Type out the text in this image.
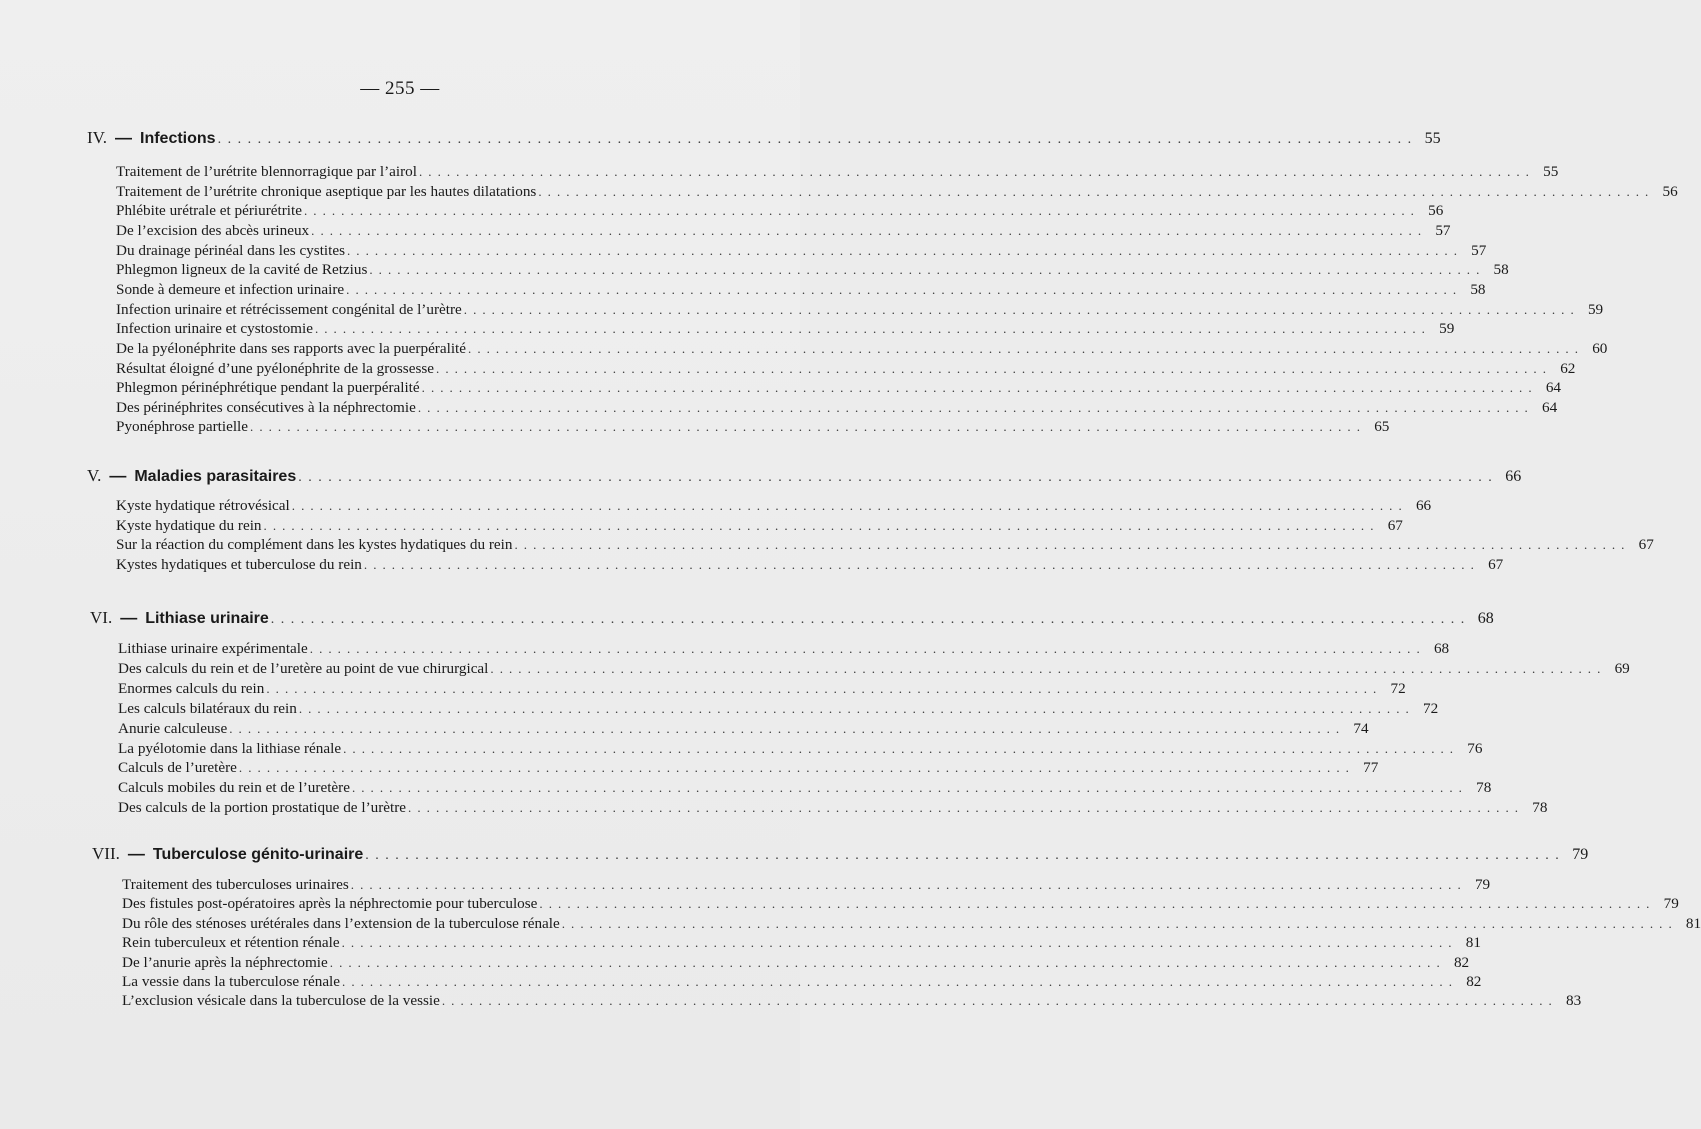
— 255 —
IV. — Infections . . . . . . . . . . . . . . . . . . . . . . . . . . . . . . . . . . . . . . . . . . . . . . . . . . . . . . . . . . . . . . . . . . . . . . . . . . . . . . . . . . . . . . . . . . . . . . . . . . . . . . . . . . . . . . . . . . . . . . . . 55
Traitement de l’urétrite blennorragique par l’airol . . . . . . . . . . . . . . . . . . . . . . . . . . . . . . . . . . . . . . . . . . . . . . . . . . . . . . . . . . . . . . . . . . . . . . . . . . . . . . . . . . . . . . . . . . . . . . . . . . . . . . . . . . . . . . . . . . . . . . . . 55
Traitement de l’urétrite chronique aseptique par les hautes dilatations . . . . . . . . . . . . . . . . . . . . . . . . . . . . . . . . . . . . . . . . . . . . . . . . . . . . . . . . . . . . . . . . . . . . . . . . . . . . . . . . . . . . . . . . . . . . . . . . . . . . . . . . . . . . . . . . . . . . . . . . 56
Phlébite urétrale et périurétrite . . . . . . . . . . . . . . . . . . . . . . . . . . . . . . . . . . . . . . . . . . . . . . . . . . . . . . . . . . . . . . . . . . . . . . . . . . . . . . . . . . . . . . . . . . . . . . . . . . . . . . . . . . . . . . . . . . . . . . . . 56
De l’excision des abcès urineux . . . . . . . . . . . . . . . . . . . . . . . . . . . . . . . . . . . . . . . . . . . . . . . . . . . . . . . . . . . . . . . . . . . . . . . . . . . . . . . . . . . . . . . . . . . . . . . . . . . . . . . . . . . . . . . . . . . . . . . . 57
Du drainage périnéal dans les cystites . . . . . . . . . . . . . . . . . . . . . . . . . . . . . . . . . . . . . . . . . . . . . . . . . . . . . . . . . . . . . . . . . . . . . . . . . . . . . . . . . . . . . . . . . . . . . . . . . . . . . . . . . . . . . . . . . . . . . . . . 57
Phlegmon ligneux de la cavité de Retzius . . . . . . . . . . . . . . . . . . . . . . . . . . . . . . . . . . . . . . . . . . . . . . . . . . . . . . . . . . . . . . . . . . . . . . . . . . . . . . . . . . . . . . . . . . . . . . . . . . . . . . . . . . . . . . . . . . . . . . . . 58
Sonde à demeure et infection urinaire . . . . . . . . . . . . . . . . . . . . . . . . . . . . . . . . . . . . . . . . . . . . . . . . . . . . . . . . . . . . . . . . . . . . . . . . . . . . . . . . . . . . . . . . . . . . . . . . . . . . . . . . . . . . . . . . . . . . . . . . 58
Infection urinaire et rétrécissement congénital de l’urètre . . . . . . . . . . . . . . . . . . . . . . . . . . . . . . . . . . . . . . . . . . . . . . . . . . . . . . . . . . . . . . . . . . . . . . . . . . . . . . . . . . . . . . . . . . . . . . . . . . . . . . . . . . . . . . . . . . . . . . . . 59
Infection urinaire et cystostomie . . . . . . . . . . . . . . . . . . . . . . . . . . . . . . . . . . . . . . . . . . . . . . . . . . . . . . . . . . . . . . . . . . . . . . . . . . . . . . . . . . . . . . . . . . . . . . . . . . . . . . . . . . . . . . . . . . . . . . . . 59
De la pyélonéphrite dans ses rapports avec la puerpéralité . . . . . . . . . . . . . . . . . . . . . . . . . . . . . . . . . . . . . . . . . . . . . . . . . . . . . . . . . . . . . . . . . . . . . . . . . . . . . . . . . . . . . . . . . . . . . . . . . . . . . . . . . . . . . . . . . . . . . . . . 60
Résultat éloigné d’une pyélonéphrite de la grossesse . . . . . . . . . . . . . . . . . . . . . . . . . . . . . . . . . . . . . . . . . . . . . . . . . . . . . . . . . . . . . . . . . . . . . . . . . . . . . . . . . . . . . . . . . . . . . . . . . . . . . . . . . . . . . . . . . . . . . . . . 62
Phlegmon périnéphrétique pendant la puerpéralité . . . . . . . . . . . . . . . . . . . . . . . . . . . . . . . . . . . . . . . . . . . . . . . . . . . . . . . . . . . . . . . . . . . . . . . . . . . . . . . . . . . . . . . . . . . . . . . . . . . . . . . . . . . . . . . . . . . . . . . . 64
Des périnéphrites consécutives à la néphrectomie . . . . . . . . . . . . . . . . . . . . . . . . . . . . . . . . . . . . . . . . . . . . . . . . . . . . . . . . . . . . . . . . . . . . . . . . . . . . . . . . . . . . . . . . . . . . . . . . . . . . . . . . . . . . . . . . . . . . . . . . 64
Pyonéphrose partielle . . . . . . . . . . . . . . . . . . . . . . . . . . . . . . . . . . . . . . . . . . . . . . . . . . . . . . . . . . . . . . . . . . . . . . . . . . . . . . . . . . . . . . . . . . . . . . . . . . . . . . . . . . . . . . . . . . . . . . . . 65
V. — Maladies parasitaires . . . . . . . . . . . . . . . . . . . . . . . . . . . . . . . . . . . . . . . . . . . . . . . . . . . . . . . . . . . . . . . . . . . . . . . . . . . . . . . . . . . . . . . . . . . . . . . . . . . . . . . . . . . . . . . . . . . . . . . . 66
Kyste hydatique rétrovésical . . . . . . . . . . . . . . . . . . . . . . . . . . . . . . . . . . . . . . . . . . . . . . . . . . . . . . . . . . . . . . . . . . . . . . . . . . . . . . . . . . . . . . . . . . . . . . . . . . . . . . . . . . . . . . . . . . . . . . . . 66
Kyste hydatique du rein . . . . . . . . . . . . . . . . . . . . . . . . . . . . . . . . . . . . . . . . . . . . . . . . . . . . . . . . . . . . . . . . . . . . . . . . . . . . . . . . . . . . . . . . . . . . . . . . . . . . . . . . . . . . . . . . . . . . . . . . 67
Sur la réaction du complément dans les kystes hydatiques du rein . . . . . . . . . . . . . . . . . . . . . . . . . . . . . . . . . . . . . . . . . . . . . . . . . . . . . . . . . . . . . . . . . . . . . . . . . . . . . . . . . . . . . . . . . . . . . . . . . . . . . . . . . . . . . . . . . . . . . . . . 67
Kystes hydatiques et tuberculose du rein . . . . . . . . . . . . . . . . . . . . . . . . . . . . . . . . . . . . . . . . . . . . . . . . . . . . . . . . . . . . . . . . . . . . . . . . . . . . . . . . . . . . . . . . . . . . . . . . . . . . . . . . . . . . . . . . . . . . . . . . 67
VI. — Lithiase urinaire . . . . . . . . . . . . . . . . . . . . . . . . . . . . . . . . . . . . . . . . . . . . . . . . . . . . . . . . . . . . . . . . . . . . . . . . . . . . . . . . . . . . . . . . . . . . . . . . . . . . . . . . . . . . . . . . . . . . . . . . 68
Lithiase urinaire expérimentale . . . . . . . . . . . . . . . . . . . . . . . . . . . . . . . . . . . . . . . . . . . . . . . . . . . . . . . . . . . . . . . . . . . . . . . . . . . . . . . . . . . . . . . . . . . . . . . . . . . . . . . . . . . . . . . . . . . . . . . . 68
Des calculs du rein et de l’uretère au point de vue chirurgical . . . . . . . . . . . . . . . . . . . . . . . . . . . . . . . . . . . . . . . . . . . . . . . . . . . . . . . . . . . . . . . . . . . . . . . . . . . . . . . . . . . . . . . . . . . . . . . . . . . . . . . . . . . . . . . . . . . . . . . . 69
Enormes calculs du rein . . . . . . . . . . . . . . . . . . . . . . . . . . . . . . . . . . . . . . . . . . . . . . . . . . . . . . . . . . . . . . . . . . . . . . . . . . . . . . . . . . . . . . . . . . . . . . . . . . . . . . . . . . . . . . . . . . . . . . . . 72
Les calculs bilatéraux du rein . . . . . . . . . . . . . . . . . . . . . . . . . . . . . . . . . . . . . . . . . . . . . . . . . . . . . . . . . . . . . . . . . . . . . . . . . . . . . . . . . . . . . . . . . . . . . . . . . . . . . . . . . . . . . . . . . . . . . . . . 72
Anurie calculeuse . . . . . . . . . . . . . . . . . . . . . . . . . . . . . . . . . . . . . . . . . . . . . . . . . . . . . . . . . . . . . . . . . . . . . . . . . . . . . . . . . . . . . . . . . . . . . . . . . . . . . . . . . . . . . . . . . . . . . . . . 74
La pyélotomie dans la lithiase rénale . . . . . . . . . . . . . . . . . . . . . . . . . . . . . . . . . . . . . . . . . . . . . . . . . . . . . . . . . . . . . . . . . . . . . . . . . . . . . . . . . . . . . . . . . . . . . . . . . . . . . . . . . . . . . . . . . . . . . . . . 76
Calculs de l’uretère . . . . . . . . . . . . . . . . . . . . . . . . . . . . . . . . . . . . . . . . . . . . . . . . . . . . . . . . . . . . . . . . . . . . . . . . . . . . . . . . . . . . . . . . . . . . . . . . . . . . . . . . . . . . . . . . . . . . . . . . 77
Calculs mobiles du rein et de l’uretère . . . . . . . . . . . . . . . . . . . . . . . . . . . . . . . . . . . . . . . . . . . . . . . . . . . . . . . . . . . . . . . . . . . . . . . . . . . . . . . . . . . . . . . . . . . . . . . . . . . . . . . . . . . . . . . . . . . . . . . . 78
Des calculs de la portion prostatique de l’urètre . . . . . . . . . . . . . . . . . . . . . . . . . . . . . . . . . . . . . . . . . . . . . . . . . . . . . . . . . . . . . . . . . . . . . . . . . . . . . . . . . . . . . . . . . . . . . . . . . . . . . . . . . . . . . . . . . . . . . . . . 78
VII. — Tuberculose génito-urinaire . . . . . . . . . . . . . . . . . . . . . . . . . . . . . . . . . . . . . . . . . . . . . . . . . . . . . . . . . . . . . . . . . . . . . . . . . . . . . . . . . . . . . . . . . . . . . . . . . . . . . . . . . . . . . . . . . . . . . . . . 79
Traitement des tuberculoses urinaires . . . . . . . . . . . . . . . . . . . . . . . . . . . . . . . . . . . . . . . . . . . . . . . . . . . . . . . . . . . . . . . . . . . . . . . . . . . . . . . . . . . . . . . . . . . . . . . . . . . . . . . . . . . . . . . . . . . . . . . . 79
Des fistules post-opératoires après la néphrectomie pour tuberculose . . . . . . . . . . . . . . . . . . . . . . . . . . . . . . . . . . . . . . . . . . . . . . . . . . . . . . . . . . . . . . . . . . . . . . . . . . . . . . . . . . . . . . . . . . . . . . . . . . . . . . . . . . . . . . . . . . . . . . . . 79
Du rôle des sténoses urétérales dans l’extension de la tuberculose rénale . . . . . . . . . . . . . . . . . . . . . . . . . . . . . . . . . . . . . . . . . . . . . . . . . . . . . . . . . . . . . . . . . . . . . . . . . . . . . . . . . . . . . . . . . . . . . . . . . . . . . . . . . . . . . . . . . . . . . . . . 81
Rein tuberculeux et rétention rénale . . . . . . . . . . . . . . . . . . . . . . . . . . . . . . . . . . . . . . . . . . . . . . . . . . . . . . . . . . . . . . . . . . . . . . . . . . . . . . . . . . . . . . . . . . . . . . . . . . . . . . . . . . . . . . . . . . . . . . . . 81
De l’anurie après la néphrectomie . . . . . . . . . . . . . . . . . . . . . . . . . . . . . . . . . . . . . . . . . . . . . . . . . . . . . . . . . . . . . . . . . . . . . . . . . . . . . . . . . . . . . . . . . . . . . . . . . . . . . . . . . . . . . . . . . . . . . . . . 82
La vessie dans la tuberculose rénale . . . . . . . . . . . . . . . . . . . . . . . . . . . . . . . . . . . . . . . . . . . . . . . . . . . . . . . . . . . . . . . . . . . . . . . . . . . . . . . . . . . . . . . . . . . . . . . . . . . . . . . . . . . . . . . . . . . . . . . . 82
L’exclusion vésicale dans la tuberculose de la vessie . . . . . . . . . . . . . . . . . . . . . . . . . . . . . . . . . . . . . . . . . . . . . . . . . . . . . . . . . . . . . . . . . . . . . . . . . . . . . . . . . . . . . . . . . . . . . . . . . . . . . . . . . . . . . . . . . . . . . . . . 83
